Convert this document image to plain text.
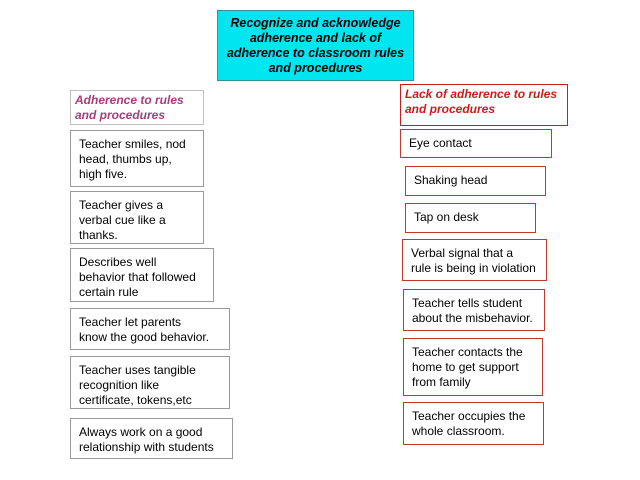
Recognize and acknowledge
adherence and lack of
adherence to classroom rules
and procedures
Adherence to rules
and procedures
Lack of adherence to rules
and procedures
Teacher smiles, nod
head, thumbs up,
high five.
Teacher gives a
verbal cue like a
thanks.
Describes well
behavior that followed
certain rule
Teacher let parents
know the good behavior.
Teacher uses tangible
recognition like
certificate, tokens,etc
Always work on a good
relationship with students
Eye contact
Shaking head
Tap on desk
Verbal signal that a
rule is being in violation
Teacher tells student
about the misbehavior.
Teacher contacts the
home to get support
from family
Teacher occupies the
whole classroom.
